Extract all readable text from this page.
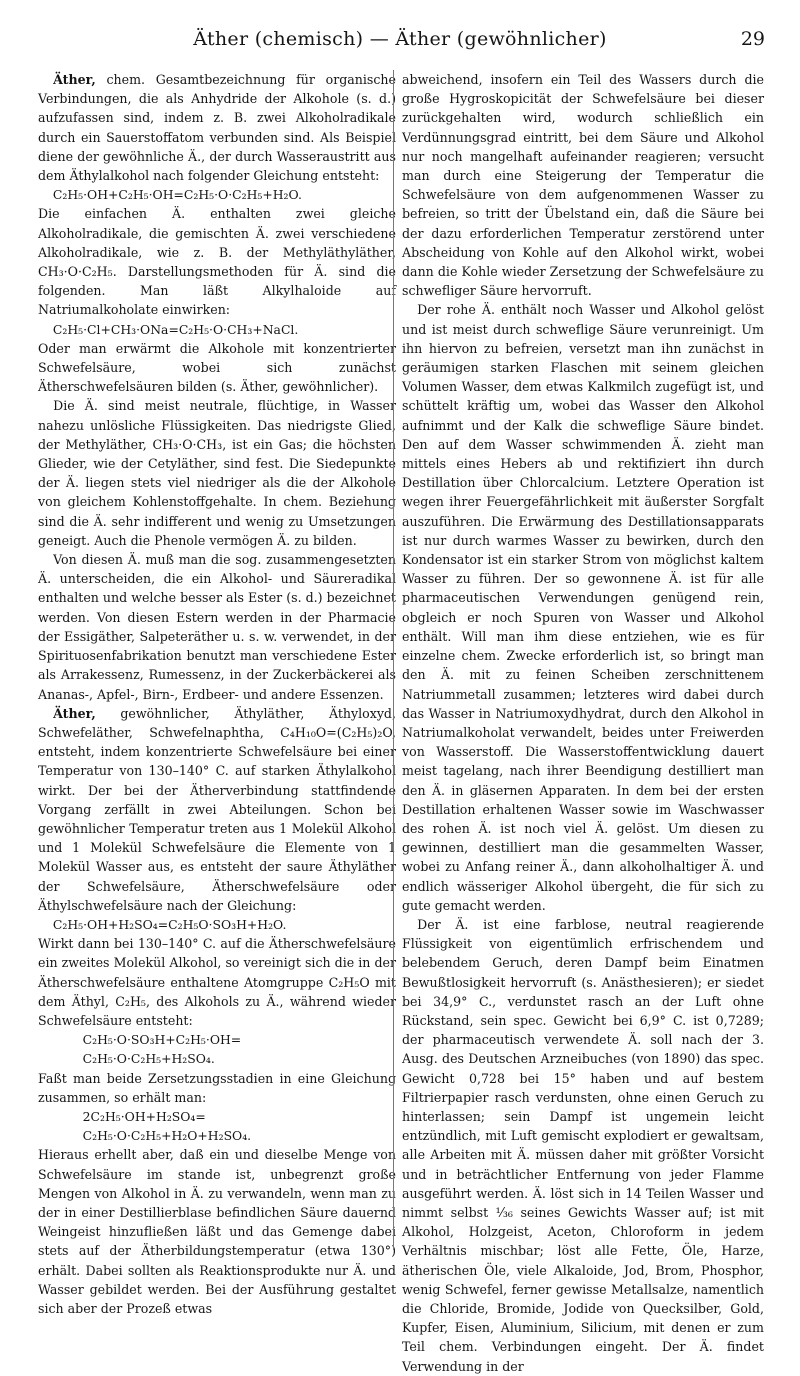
Äther (chemisch) — Äther (gewöhnlicher)	29

Äther, chem. Gesamtbezeichnung für organische Verbindungen, die als Anhydride der Alkohole (s. d.) aufzufassen sind, indem z. B. zwei Alkoholradikale durch ein Sauerstoffatom verbunden sind. Als Beispiel diene der gewöhnliche Ä., der durch Wasseraustritt aus dem Äthylalkohol nach folgender Gleichung entsteht:

C₂H₅·OH+C₂H₅·OH=C₂H₅·O·C₂H₅+H₂O.

Die einfachen Ä. enthalten zwei gleiche Alkoholradikale, die gemischten Ä. zwei verschiedene Alkoholradikale, wie z. B. der Methyläthyläther, CH₃·O·C₂H₅. Darstellungsmethoden für Ä. sind die folgenden. Man läßt Alkylhaloide auf Natriumalkoholate einwirken:

C₂H₅·Cl+CH₃·ONa=C₂H₅·O·CH₃+NaCl.

Oder man erwärmt die Alkohole mit konzentrierter Schwefelsäure, wobei sich zunächst Ätherschwefelsäuren bilden (s. Äther, gewöhnlicher).

Die Ä. sind meist neutrale, flüchtige, in Wasser nahezu unlösliche Flüssigkeiten. Das niedrigste Glied, der Methyläther, CH₃·O·CH₃, ist ein Gas; die höchsten Glieder, wie der Cetyläther, sind fest. Die Siedepunkte der Ä. liegen stets viel niedriger als die der Alkohole von gleichem Kohlenstoffgehalte. In chem. Beziehung sind die Ä. sehr indifferent und wenig zu Umsetzungen geneigt. Auch die Phenole vermögen Ä. zu bilden.

Von diesen Ä. muß man die sog. zusammengesetzten Ä. unterscheiden, die ein Alkohol- und Säureradikal enthalten und welche besser als Ester (s. d.) bezeichnet werden. Von diesen Estern werden in der Pharmacie der Essigäther, Salpeteräther u. s. w. verwendet, in der Spirituosenfabrikation benutzt man verschiedene Ester als Arrakessenz, Rumessenz, in der Zuckerbäckerei als Ananas-, Apfel-, Birn-, Erdbeer- und andere Essenzen.

Äther, gewöhnlicher, Äthyläther, Äthyloxyd, Schwefeläther, Schwefelnaphtha, C₄H₁₀O=(C₂H₅)₂O, entsteht, indem konzentrierte Schwefelsäure bei einer Temperatur von 130–140° C. auf starken Äthylalkohol wirkt. Der bei der Ätherverbindung stattfindende Vorgang zerfällt in zwei Abteilungen. Schon bei gewöhnlicher Temperatur treten aus 1 Molekül Alkohol und 1 Molekül Schwefelsäure die Elemente von 1 Molekül Wasser aus, es entsteht der saure Äthyläther der Schwefelsäure, Ätherschwefelsäure oder Äthylschwefelsäure nach der Gleichung:

C₂H₅·OH+H₂SO₄=C₂H₅O·SO₃H+H₂O.

Wirkt dann bei 130–140° C. auf die Ätherschwefelsäure ein zweites Molekül Alkohol, so vereinigt sich die in der Ätherschwefelsäure enthaltene Atomgruppe C₂H₅O mit dem Äthyl, C₂H₅, des Alkohols zu Ä., während wieder Schwefelsäure entsteht:

C₂H₅·O·SO₃H+C₂H₅·OH=

C₂H₅·O·C₂H₅+H₂SO₄.

Faßt man beide Zersetzungsstadien in eine Gleichung zusammen, so erhält man:

2C₂H₅·OH+H₂SO₄=

C₂H₅·O·C₂H₅+H₂O+H₂SO₄.

Hieraus erhellt aber, daß ein und dieselbe Menge von Schwefelsäure im stande ist, unbegrenzt große Mengen von Alkohol in Ä. zu verwandeln, wenn man zu der in einer Destillierblase befindlichen Säure dauernd Weingeist hinzufließen läßt und das Gemenge dabei stets auf der Ätherbildungstemperatur (etwa 130°) erhält. Dabei sollten als Reaktionsprodukte nur Ä. und Wasser gebildet werden. Bei der Ausführung gestaltet sich aber der Prozeß etwas

abweichend, insofern ein Teil des Wassers durch die große Hygroskopicität der Schwefelsäure bei dieser zurückgehalten wird, wodurch schließlich ein Verdünnungsgrad eintritt, bei dem Säure und Alkohol nur noch mangelhaft aufeinander reagieren; versucht man durch eine Steigerung der Temperatur die Schwefelsäure von dem aufgenommenen Wasser zu befreien, so tritt der Übelstand ein, daß die Säure bei der dazu erforderlichen Temperatur zerstörend unter Abscheidung von Kohle auf den Alkohol wirkt, wobei dann die Kohle wieder Zersetzung der Schwefelsäure zu schwefliger Säure hervorruft.

Der rohe Ä. enthält noch Wasser und Alkohol gelöst und ist meist durch schweflige Säure verunreinigt. Um ihn hiervon zu befreien, versetzt man ihn zunächst in geräumigen starken Flaschen mit seinem gleichen Volumen Wasser, dem etwas Kalkmilch zugefügt ist, und schüttelt kräftig um, wobei das Wasser den Alkohol aufnimmt und der Kalk die schweflige Säure bindet. Den auf dem Wasser schwimmenden Ä. zieht man mittels eines Hebers ab und rektifiziert ihn durch Destillation über Chlorcalcium. Letztere Operation ist wegen ihrer Feuergefährlichkeit mit äußerster Sorgfalt auszuführen. Die Erwärmung des Destillationsapparats ist nur durch warmes Wasser zu bewirken, durch den Kondensator ist ein starker Strom von möglichst kaltem Wasser zu führen. Der so gewonnene Ä. ist für alle pharmaceutischen Verwendungen genügend rein, obgleich er noch Spuren von Wasser und Alkohol enthält. Will man ihm diese entziehen, wie es für einzelne chem. Zwecke erforderlich ist, so bringt man den Ä. mit zu feinen Scheiben zerschnittenem Natriummetall zusammen; letzteres wird dabei durch das Wasser in Natriumoxydhydrat, durch den Alkohol in Natriumalkoholat verwandelt, beides unter Freiwerden von Wasserstoff. Die Wasserstoffentwicklung dauert meist tagelang, nach ihrer Beendigung destilliert man den Ä. in gläsernen Apparaten. In dem bei der ersten Destillation erhaltenen Wasser sowie im Waschwasser des rohen Ä. ist noch viel Ä. gelöst. Um diesen zu gewinnen, destilliert man die gesammelten Wasser, wobei zu Anfang reiner Ä., dann alkoholhaltiger Ä. und endlich wässeriger Alkohol übergeht, die für sich zu gute gemacht werden.

Der Ä. ist eine farblose, neutral reagierende Flüssigkeit von eigentümlich erfrischendem und belebendem Geruch, deren Dampf beim Einatmen Bewußtlosigkeit hervorruft (s. Anästhesieren); er siedet bei 34,9° C., verdunstet rasch an der Luft ohne Rückstand, sein spec. Gewicht bei 6,9° C. ist 0,7289; der pharmaceutisch verwendete Ä. soll nach der 3. Ausg. des Deutschen Arzneibuches (von 1890) das spec. Gewicht 0,728 bei 15° haben und auf bestem Filtrierpapier rasch verdunsten, ohne einen Geruch zu hinterlassen; sein Dampf ist ungemein leicht entzündlich, mit Luft gemischt explodiert er gewaltsam, alle Arbeiten mit Ä. müssen daher mit größter Vorsicht und in beträchtlicher Entfernung von jeder Flamme ausgeführt werden. Ä. löst sich in 14 Teilen Wasser und nimmt selbst ¹⁄₃₆ seines Gewichts Wasser auf; ist mit Alkohol, Holzgeist, Aceton, Chloroform in jedem Verhältnis mischbar; löst alle Fette, Öle, Harze, ätherischen Öle, viele Alkaloide, Jod, Brom, Phosphor, wenig Schwefel, ferner gewisse Metallsalze, namentlich die Chloride, Bromide, Jodide von Quecksilber, Gold, Kupfer, Eisen, Aluminium, Silicium, mit denen er zum Teil chem. Verbindungen eingeht. Der Ä. findet Verwendung in der
